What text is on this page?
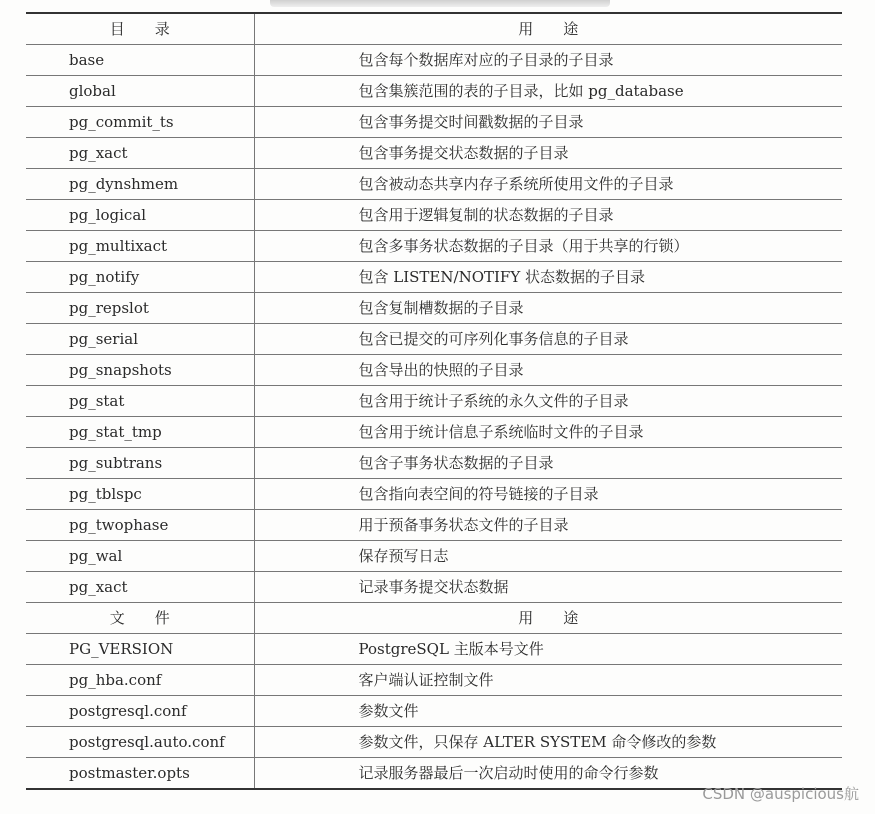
目　　录	用　　途
base	包含每个数据库对应的子目录的子目录
global	包含集簇范围的表的子目录，比如 pg_database
pg_commit_ts	包含事务提交时间戳数据的子目录
pg_xact	包含事务提交状态数据的子目录
pg_dynshmem	包含被动态共享内存子系统所使用文件的子目录
pg_logical	包含用于逻辑复制的状态数据的子目录
pg_multixact	包含多事务状态数据的子目录（用于共享的行锁）
pg_notify	包含 LISTEN/NOTIFY 状态数据的子目录
pg_repslot	包含复制槽数据的子目录
pg_serial	包含已提交的可序列化事务信息的子目录
pg_snapshots	包含导出的快照的子目录
pg_stat	包含用于统计子系统的永久文件的子目录
pg_stat_tmp	包含用于统计信息子系统临时文件的子目录
pg_subtrans	包含子事务状态数据的子目录
pg_tblspc	包含指向表空间的符号链接的子目录
pg_twophase	用于预备事务状态文件的子目录
pg_wal	保存预写日志
pg_xact	记录事务提交状态数据
文　　件	用　　途
PG_VERSION	PostgreSQL 主版本号文件
pg_hba.conf	客户端认证控制文件
postgresql.conf	参数文件
postgresql.auto.conf	参数文件，只保存 ALTER SYSTEM 命令修改的参数
postmaster.opts	记录服务器最后一次启动时使用的命令行参数
CSDN @auspicious航
